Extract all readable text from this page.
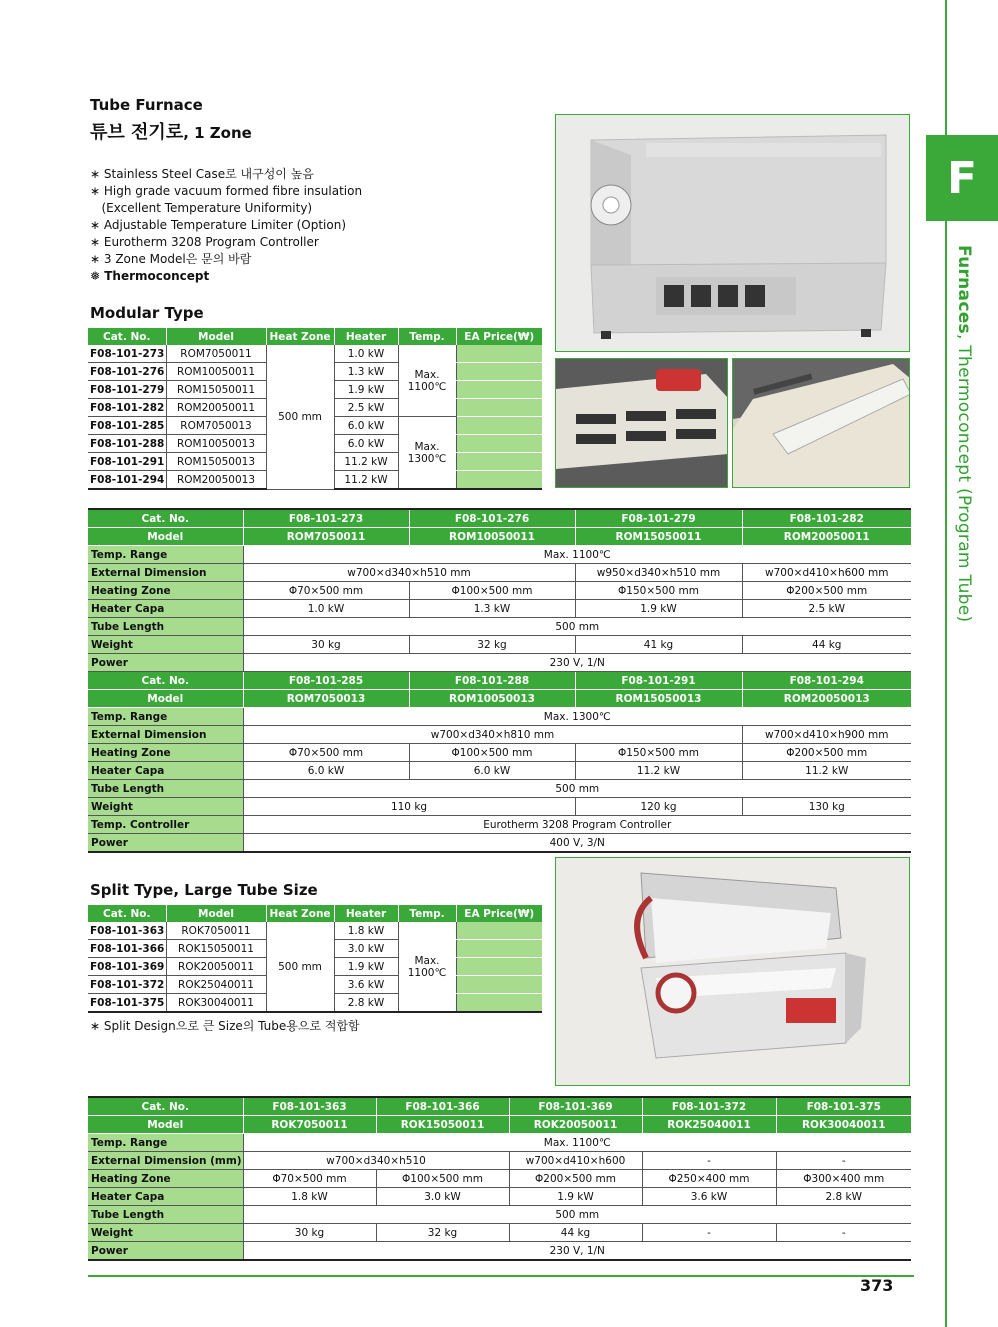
F
Furnaces, Thermoconcept (Program Tube)
Tube Furnace
튜브 전기로, 1 Zone
∗ Stainless Steel Case로 내구성이 높음
∗ High grade vacuum formed fibre insulation
(Excellent Temperature Uniformity)
∗ Adjustable Temperature Limiter (Option)
∗ Eurotherm 3208 Program Controller
∗ 3 Zone Model은 문의 바람
❅ Thermoconcept
Modular Type
Cat. No.	Model	Heat Zone	Heater	Temp.	EA Price(₩)
F08-101-273	ROM7050011	500 mm	1.0 kW	Max.
1100℃	

F08-101-276	ROM10050011		1.3 kW		
F08-101-279	ROM15050011		1.9 kW		
F08-101-282	ROM20050011		2.5 kW		
F08-101-285	ROM7050013		6.0 kW	Max.
1300℃	

F08-101-288	ROM10050013		6.0 kW		
F08-101-291	ROM15050013		11.2 kW		
F08-101-294	ROM20050013		11.2 kW		
Cat. No.	F08-101-273	F08-101-276	F08-101-279	F08-101-282
Model	ROM7050011	ROM10050011	ROM15050011	ROM20050011
Temp. Range	Max. 1100℃			
External Dimension	w700×d340×h510 mm		w950×d340×h510 mm	w700×d410×h600 mm
Heating Zone	Φ70×500 mm	Φ100×500 mm	Φ150×500 mm	Φ200×500 mm
Heater Capa	1.0 kW	1.3 kW	1.9 kW	2.5 kW
Tube Length	500 mm			
Weight	30 kg	32 kg	41 kg	44 kg
Power	230 V, 1/N			
Cat. No.	F08-101-285	F08-101-288	F08-101-291	F08-101-294
Model	ROM7050013	ROM10050013	ROM15050013	ROM20050013
Temp. Range	Max. 1300℃			
External Dimension	w700×d340×h810 mm			w700×d410×h900 mm
Heating Zone	Φ70×500 mm	Φ100×500 mm	Φ150×500 mm	Φ200×500 mm
Heater Capa	6.0 kW	6.0 kW	11.2 kW	11.2 kW
Tube Length	500 mm			
Weight	110 kg		120 kg	130 kg
Temp. Controller	Eurotherm 3208 Program Controller			
Power	400 V, 3/N			
Split Type, Large Tube Size
Cat. No.	Model	Heat Zone	Heater	Temp.	EA Price(₩)
F08-101-363	ROK7050011	500 mm	1.8 kW	Max.
1100℃	

F08-101-366	ROK15050011		3.0 kW		
F08-101-369	ROK20050011		1.9 kW		
F08-101-372	ROK25040011		3.6 kW		
F08-101-375	ROK30040011		2.8 kW		
∗ Split Design으로 큰 Size의 Tube용으로 적합함
Cat. No.	F08-101-363	F08-101-366	F08-101-369	F08-101-372	F08-101-375
Model	ROK7050011	ROK15050011	ROK20050011	ROK25040011	ROK30040011
Temp. Range	Max. 1100℃				
External Dimension (mm)	w700×d340×h510		w700×d410×h600	-	-
Heating Zone	Φ70×500 mm	Φ100×500 mm	Φ200×500 mm	Φ250×400 mm	Φ300×400 mm
Heater Capa	1.8 kW	3.0 kW	1.9 kW	3.6 kW	2.8 kW
Tube Length	500 mm				
Weight	30 kg	32 kg	44 kg	-	-
Power	230 V, 1/N				
373
